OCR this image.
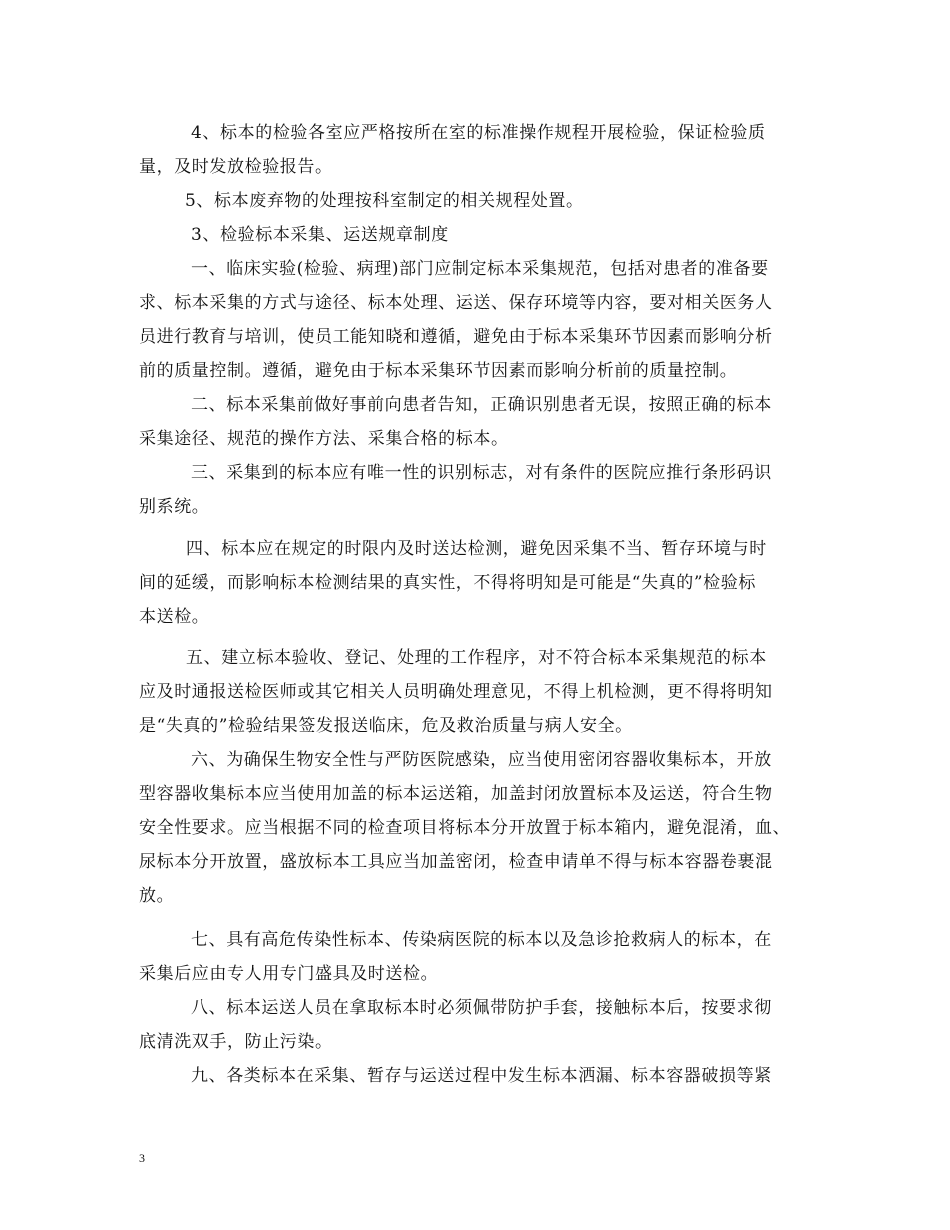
4、标本的检验各室应严格按所在室的标准操作规程开展检验，保证检验质

量，及时发放检验报告。

5、标本废弃物的处理按科室制定的相关规程处置。

3、检验标本采集、运送规章制度

一、临床实验(检验、病理)部门应制定标本采集规范，包括对患者的准备要

求、标本采集的方式与途径、标本处理、运送、保存环境等内容，要对相关医务人

员进行教育与培训，使员工能知晓和遵循，避免由于标本采集环节因素而影响分析

前的质量控制。遵循，避免由于标本采集环节因素而影响分析前的质量控制。

二、标本采集前做好事前向患者告知，正确识别患者无误，按照正确的标本

采集途径、规范的操作方法、采集合格的标本。

三、采集到的标本应有唯一性的识别标志，对有条件的医院应推行条形码识

别系统。

四、标本应在规定的时限内及时送达检测，避免因采集不当、暂存环境与时

间的延缓，而影响标本检测结果的真实性，不得将明知是可能是“失真的”检验标

本送检。

五、建立标本验收、登记、处理的工作程序，对不符合标本采集规范的标本

应及时通报送检医师或其它相关人员明确处理意见，不得上机检测，更不得将明知

是“失真的”检验结果签发报送临床，危及救治质量与病人安全。

六、为确保生物安全性与严防医院感染，应当使用密闭容器收集标本，开放

型容器收集标本应当使用加盖的标本运送箱，加盖封闭放置标本及运送，符合生物

安全性要求。应当根据不同的检查项目将标本分开放置于标本箱内，避免混淆，血、

尿标本分开放置，盛放标本工具应当加盖密闭，检查申请单不得与标本容器卷裹混

放。

七、具有高危传染性标本、传染病医院的标本以及急诊抢救病人的标本，在

采集后应由专人用专门盛具及时送检。

八、标本运送人员在拿取标本时必须佩带防护手套，接触标本后，按要求彻

底清洗双手，防止污染。

九、各类标本在采集、暂存与运送过程中发生标本洒漏、标本容器破损等紧

3
